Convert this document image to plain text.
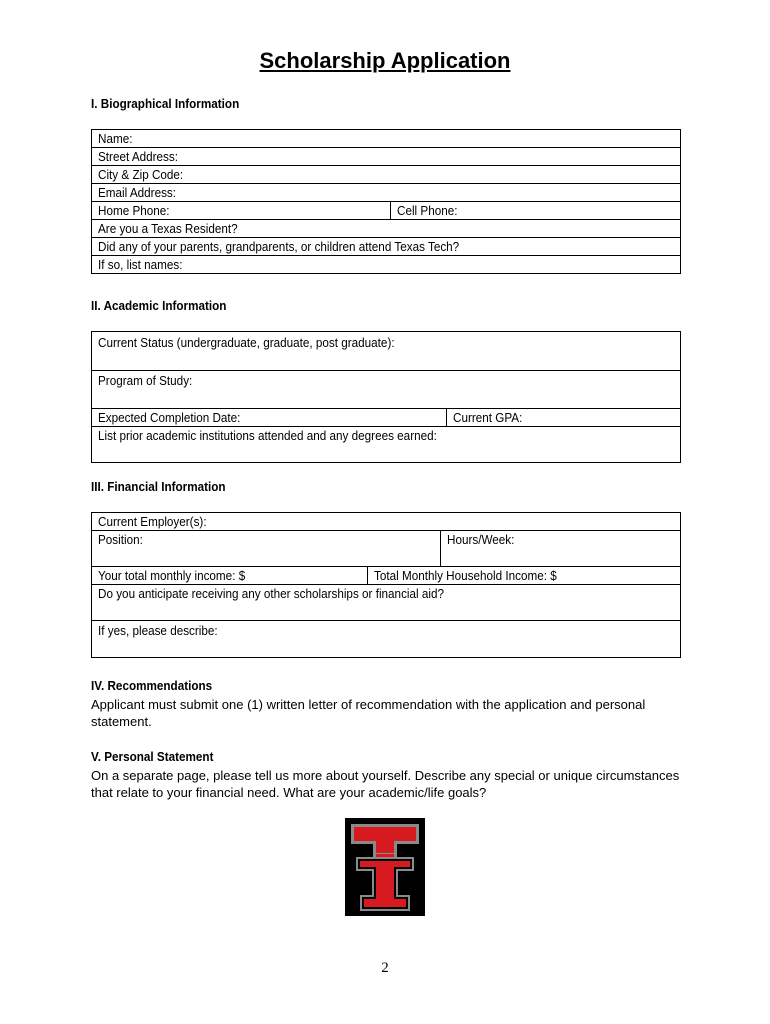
Scholarship Application
I. Biographical Information
Name:
Street Address:
City & Zip Code:
Email Address:
Home Phone:	Cell Phone:
Are you a Texas Resident?
Did any of your parents, grandparents, or children attend Texas Tech?
If so, list names:
II. Academic Information
Current Status (undergraduate, graduate, post graduate):
Program of Study:
Expected Completion Date:	Current GPA:
List prior academic institutions attended and any degrees earned:
III. Financial Information
Current Employer(s):		
Position:		Hours/Week:
Your total monthly income: $	Total Monthly Household Income: $	
Do you anticipate receiving any other scholarships or financial aid?		
If yes, please describe:		
IV. Recommendations
Applicant must submit one (1) written letter of recommendation with the application and personal statement.
V. Personal Statement
On a separate page, please tell us more about yourself. Describe any special or unique circumstances that relate to your financial need. What are your academic/life goals?
2
